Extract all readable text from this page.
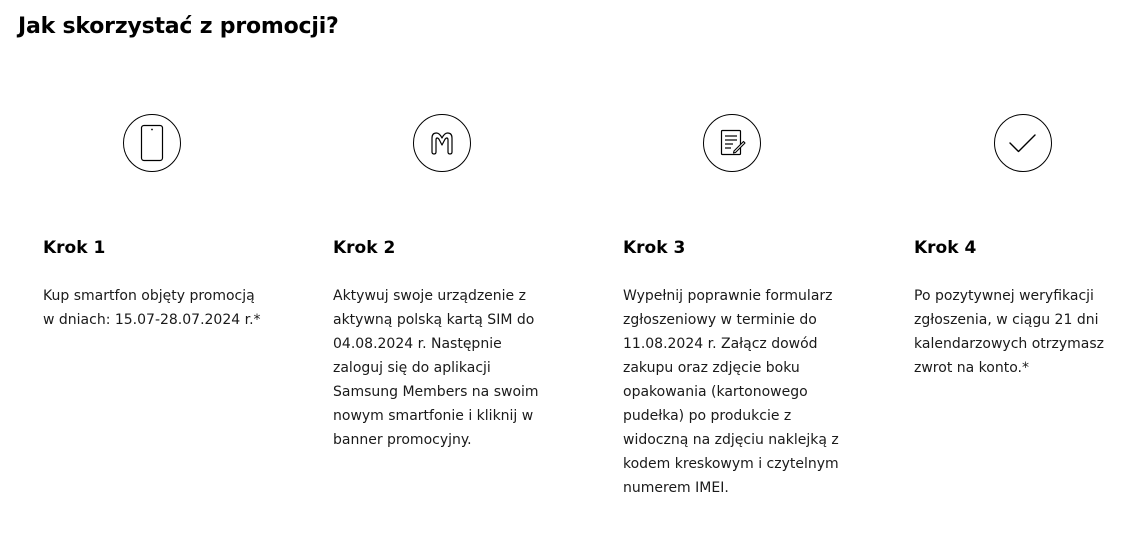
Jak skorzystać z promocji?
Krok 1

Kup smartfon objęty promocją
w dniach: 15.07-28.07.2024 r.*

Krok 2

Aktywuj swoje urządzenie z
aktywną polską kartą SIM do
04.08.2024 r. Następnie
zaloguj się do aplikacji
Samsung Members na swoim
nowym smartfonie i kliknij w
banner promocyjny.

Krok 3

Wypełnij poprawnie formularz
zgłoszeniowy w terminie do
11.08.2024 r. Załącz dowód
zakupu oraz zdjęcie boku
opakowania (kartonowego
pudełka) po produkcie z
widoczną na zdjęciu naklejką z
kodem kreskowym i czytelnym
numerem IMEI.

Krok 4

Po pozytywnej weryfikacji
zgłoszenia, w ciągu 21 dni
kalendarzowych otrzymasz
zwrot na konto.*
